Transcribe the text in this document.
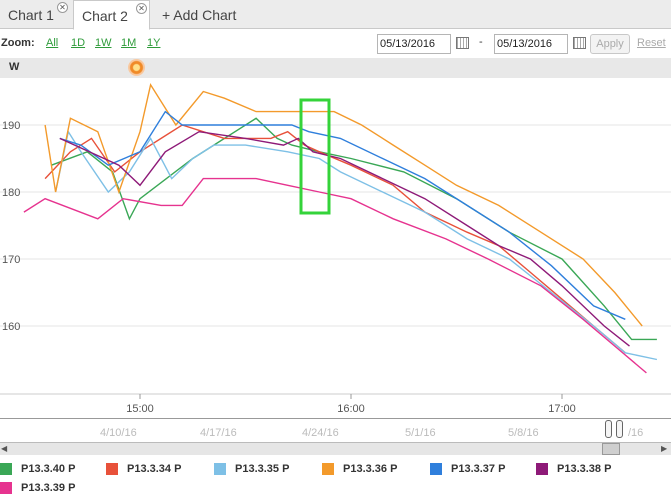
Chart 1 ✕
Chart 2 ✕ + Add Chart
Zoom: All 1D 1W 1M 1Y
05/13/2016	-
05/13/2016	Apply	Reset
W
160
170
180
190
15:00	16:00	17:00
4/10/16	4/17/16	4/24/16	5/1/16	5/8/16	/16
◀	▶
P13.3.40 P	P13.3.34 P	P13.3.35 P	P13.3.36 P	P13.3.37 P	P13.3.38 P
P13.3.39 P
